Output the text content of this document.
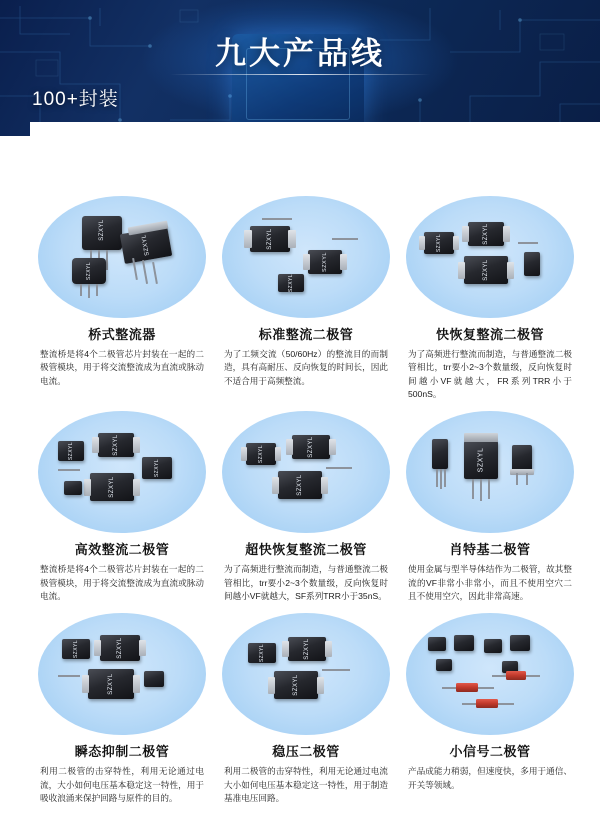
九大产品线
100+封装
SZXYL
SZXYL
SZXYL
桥式整流器
整流桥是将4个二极管芯片封装在一起的二极管模块，用于将交流整流成为直流或脉动电流。
SZXYL
SZXYL
SZXYL
标准整流二极管
为了工频交流（50/60Hz）的整流目的而制造，具有高耐压、反向恢复的时间长，因此不适合用于高频整流。
SZXYL	SZXYL
SZXYL
快恢复整流二极管
为了高频进行整流而制造，与普通整流二极管相比，trr要小2~3个数量级，反向恢复时间越小VF就越大，FR系列TRR小于500nS。
SZXYL	SZXYL
SZXYL
SZXYL
高效整流二极管
整流桥是将4个二极管芯片封装在一起的二极管模块，用于将交流整流成为直流或脉动电流。
SZXYL	SZXYL
SZXYL
超快恢复整流二极管
为了高频进行整流而制造，与普通整流二极管相比，trr要小2~3个数量级，反向恢复时间越小VF就越大，SF系列TRR小于35nS。
SZXYL
肖特基二极管
使用金属与型半导体结作为二极管，故其整流的VF非常小非常小，而且不使用空穴二且不使用空穴，因此非常高速。
SZXYL	SZXYL
SZXYL
瞬态抑制二极管
利用二极管的击穿特性，利用无论通过电流，大小如何电压基本稳定这一特性，用于吸收浪涌来保护回路与原件的目的。
SZXYL	SZXYL
SZXYL
稳压二极管
利用二极管的击穿特性，利用无论通过电流大小如何电压基本稳定这一特性，用于制造基准电压回路。
小信号二极管
产品成能力稍弱，但速度快，多用于通信、开关等领域。
